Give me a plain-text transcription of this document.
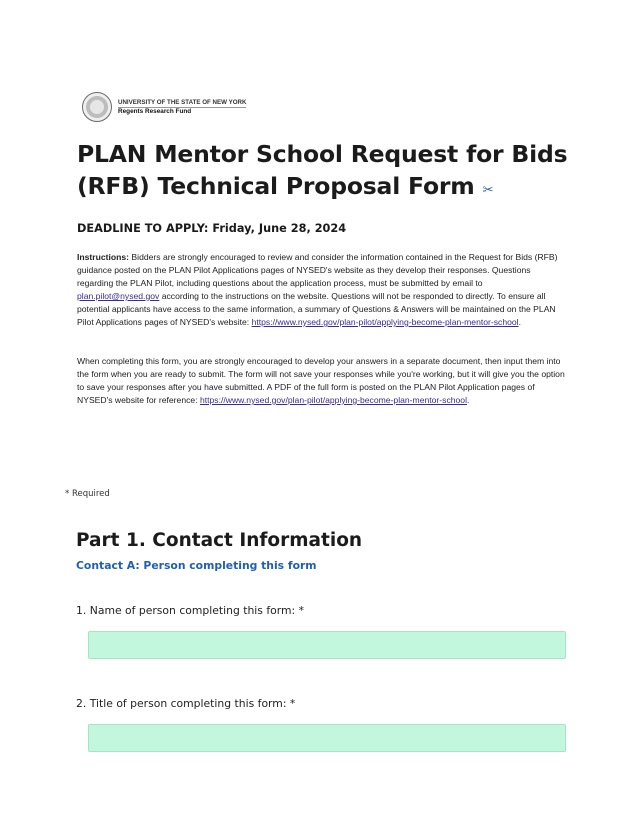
UNIVERSITY OF THE STATE OF NEW YORK
Regents Research Fund
PLAN Mentor School Request for Bids (RFB) Technical Proposal Form ✂
DEADLINE TO APPLY: Friday, June 28, 2024

Instructions: Bidders are strongly encouraged to review and consider the information contained in the Request for Bids (RFB) guidance posted on the PLAN Pilot Applications pages of NYSED's website as they develop their responses. Questions regarding the PLAN Pilot, including questions about the application process, must be submitted by email to plan.pilot@nysed.gov according to the instructions on the website. Questions will not be responded to directly. To ensure all potential applicants have access to the same information, a summary of Questions & Answers will be maintained on the PLAN Pilot Applications pages of NYSED's website: https://www.nysed.gov/plan-pilot/applying-become-plan-mentor-school.

When completing this form, you are strongly encouraged to develop your answers in a separate document, then input them into the form when you are ready to submit. The form will not save your responses while you're working, but it will give you the option to save your responses after you have submitted. A PDF of the full form is posted on the PLAN Pilot Application pages of NYSED's website for reference: https://www.nysed.gov/plan-pilot/applying-become-plan-mentor-school.

* Required
Part 1. Contact Information
Contact A: Person completing this form
1. Name of person completing this form: *
2. Title of person completing this form: *
